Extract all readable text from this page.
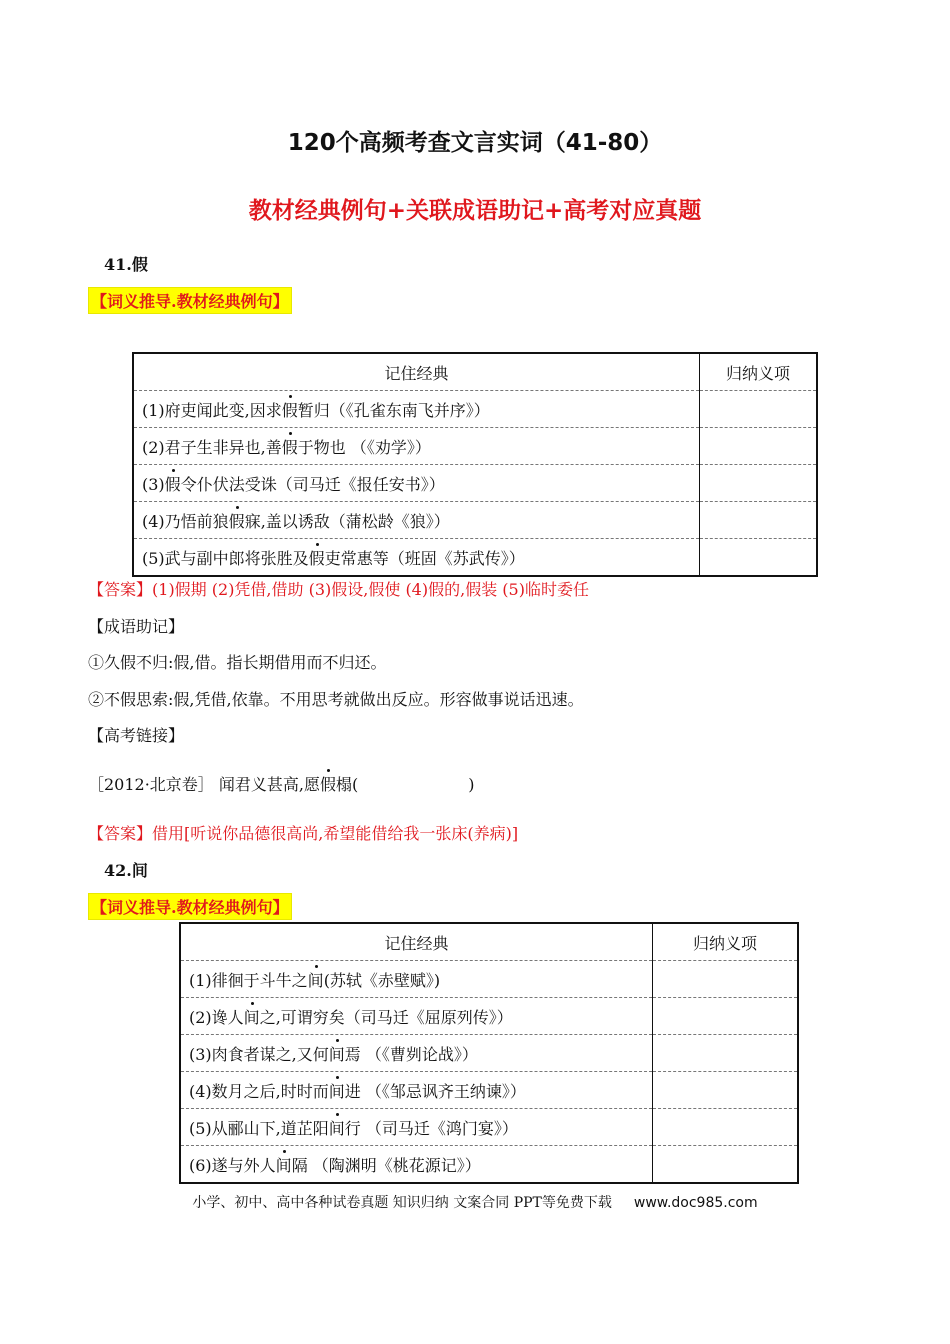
120个高频考查文言实词（41-80）
教材经典例句+关联成语助记+高考对应真题
41.假
【词义推导.教材经典例句】
记住经典	归纳义项
(1)府吏闻此变,因求假暂归（《孔雀东南飞并序》）	
(2)君子生非异也,善假于物也 （《劝学》）	
(3)假令仆伏法受诛（司马迁《报任安书》）	
(4)乃悟前狼假寐,盖以诱敌（蒲松龄《狼》）	
(5)武与副中郎将张胜及假吏常惠等（班固《苏武传》）	
【答案】(1)假期 (2)凭借,借助 (3)假设,假使 (4)假的,假装 (5)临时委任
【成语助记】
①久假不归:假,借。指长期借用而不归还。
②不假思索:假,凭借,依靠。不用思考就做出反应。形容做事说话迅速。
【高考链接】
［2012·北京卷］ 闻君义甚高,愿假榻(	)
【答案】借用[听说你品德很高尚,希望能借给我一张床(养病)]
42.间
【词义推导.教材经典例句】
记住经典	归纳义项
(1)徘徊于斗牛之间(苏轼《赤壁赋》)	
(2)谗人间之,可谓穷矣（司马迁《屈原列传》）	
(3)肉食者谋之,又何间焉 （《曹刿论战》）	
(4)数月之后,时时而间进 （《邹忌讽齐王纳谏》）	
(5)从郦山下,道芷阳间行 （司马迁《鸿门宴》）	
(6)遂与外人间隔 （陶渊明《桃花源记》）	
小学、初中、高中各种试卷真题 知识归纳 文案合同 PPT等免费下载 www.doc985.com
